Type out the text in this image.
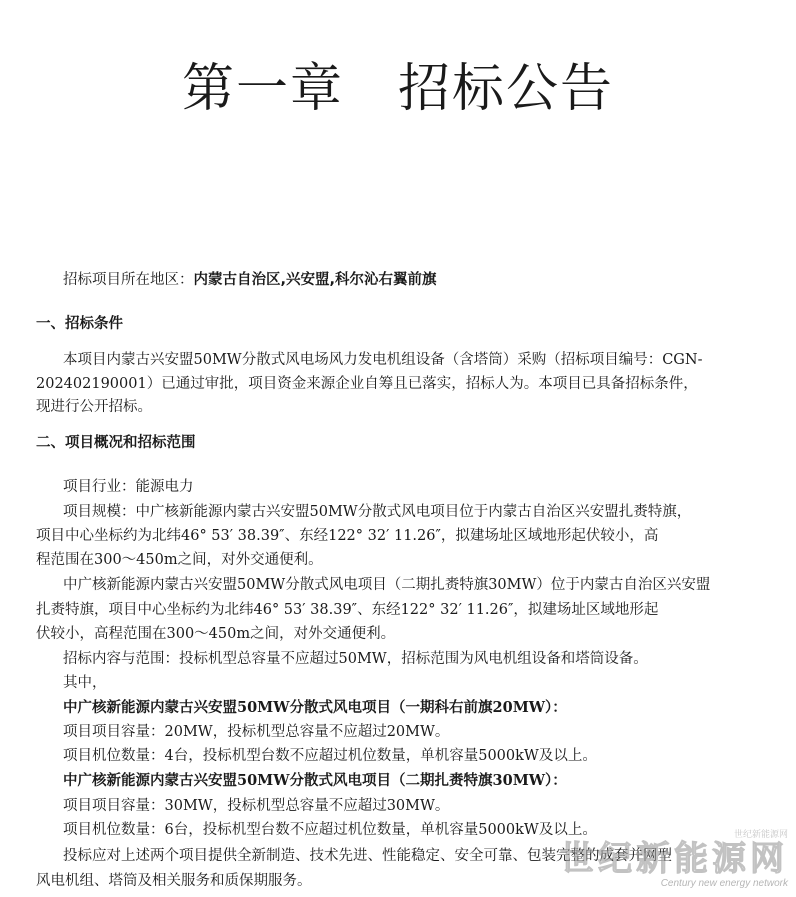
第一章　招标公告
招标项目所在地区：内蒙古自治区,兴安盟,科尔沁右翼前旗
一、招标条件
本项目内蒙古兴安盟50MW分散式风电场风力发电机组设备（含塔筒）采购（招标项目编号：CGN-
202402190001）已通过审批，项目资金来源企业自筹且已落实，招标人为。本项目已具备招标条件，
现进行公开招标。
二、项目概况和招标范围
项目行业：能源电力
项目规模：中广核新能源内蒙古兴安盟50MW分散式风电项目位于内蒙古自治区兴安盟扎赉特旗，
项目中心坐标约为北纬46° 53′ 38.39″、东经122° 32′ 11.26″，拟建场址区域地形起伏较小，高
程范围在300～450m之间，对外交通便利。
中广核新能源内蒙古兴安盟50MW分散式风电项目（二期扎赉特旗30MW）位于内蒙古自治区兴安盟
扎赉特旗，项目中心坐标约为北纬46° 53′ 38.39″、东经122° 32′ 11.26″，拟建场址区域地形起
伏较小，高程范围在300～450m之间，对外交通便利。
招标内容与范围：投标机型总容量不应超过50MW，招标范围为风电机组设备和塔筒设备。
其中，
中广核新能源内蒙古兴安盟50MW分散式风电项目（一期科右前旗20MW）：
项目项目容量：20MW，投标机型总容量不应超过20MW。
项目机位数量：4台，投标机型台数不应超过机位数量，单机容量5000kW及以上。
中广核新能源内蒙古兴安盟50MW分散式风电项目（二期扎赉特旗30MW）：
项目项目容量：30MW，投标机型总容量不应超过30MW。
项目机位数量：6台，投标机型台数不应超过机位数量，单机容量5000kW及以上。
投标应对上述两个项目提供全新制造、技术先进、性能稳定、安全可靠、包装完整的成套并网型
风电机组、塔筒及相关服务和质保期服务。
世纪新能源网
世纪新能源网
Century new energy network
